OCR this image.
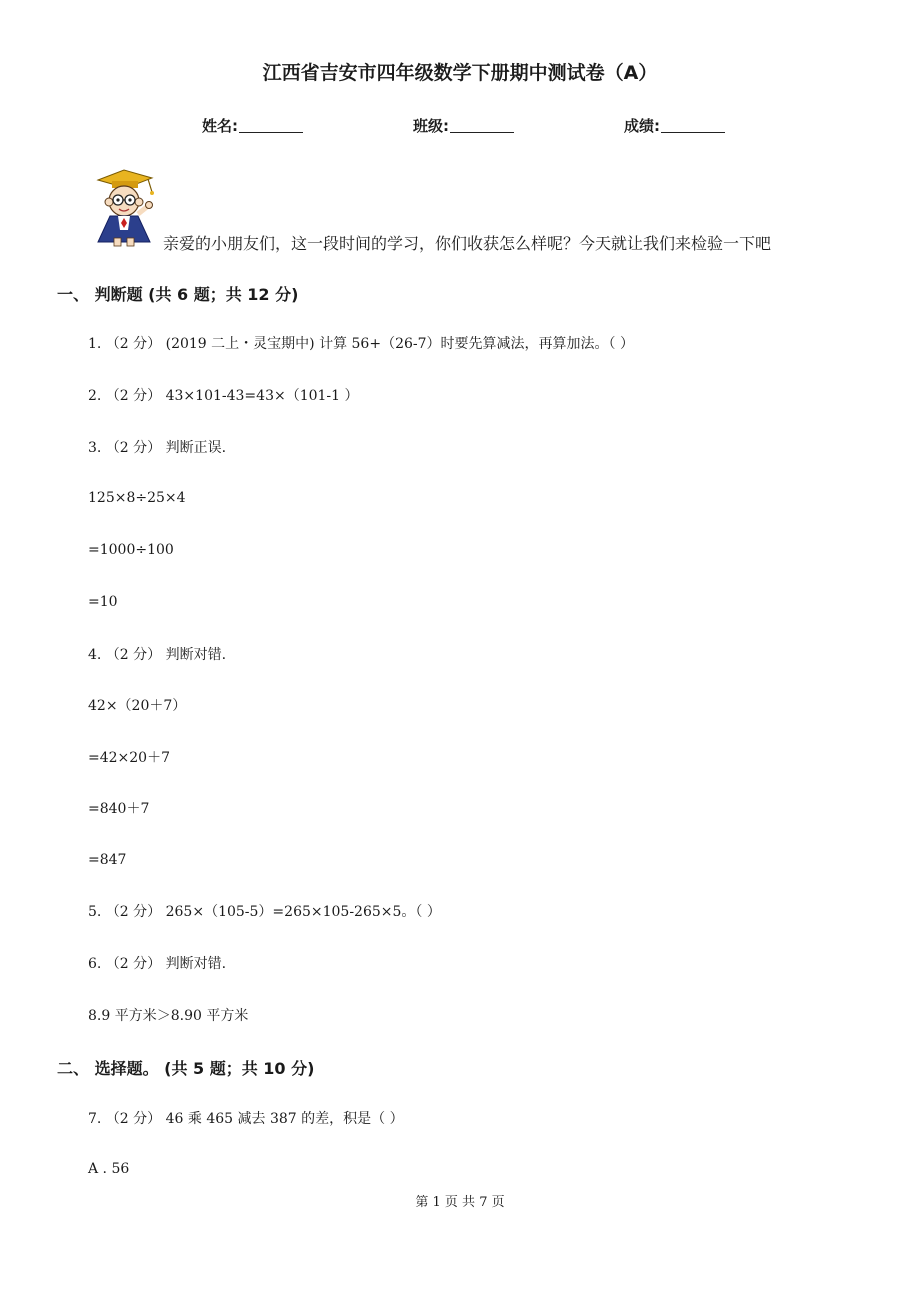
江西省吉安市四年级数学下册期中测试卷（A）
姓名:	班级:	成绩:
亲爱的小朋友们，这一段时间的学习，你们收获怎么样呢？今天就让我们来检验一下吧
一、 判断题 (共 6 题；共 12 分)
1. （2 分） (2019 二上・灵宝期中) 计算 56+（26-7）时要先算减法，再算加法。（ ）
2. （2 分） 43×101-43=43×（101-1 ）
3. （2 分） 判断正误.
125×8÷25×4
=1000÷100
=10
4. （2 分） 判断对错.
42×（20＋7）
=42×20＋7
=840＋7
=847
5. （2 分） 265×（105-5）=265×105-265×5。（ ）
6. （2 分） 判断对错.
8.9 平方米＞8.90 平方米
二、 选择题。 (共 5 题；共 10 分)
7. （2 分） 46 乘 465 减去 387 的差，积是（ ）
A . 56
第 1 页 共 7 页
